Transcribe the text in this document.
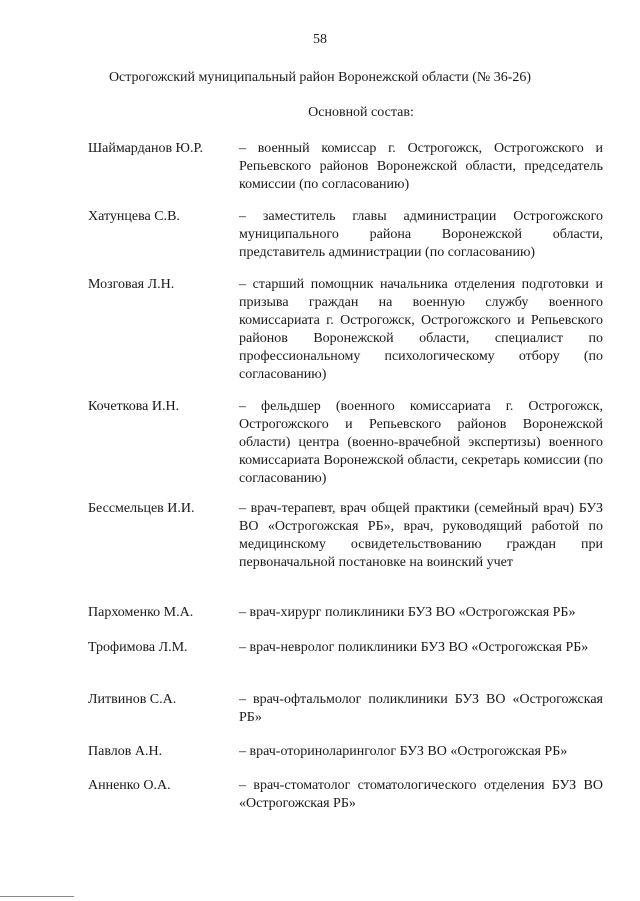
58
Острогожский муниципальный район Воронежской области (№ 36-26)
Основной состав:
Шаймарданов Ю.Р.	– военный комиссар г. Острогожск, Острогожского и Репьевского районов Воронежской области, председатель комиссии (по согласованию)
Хатунцева С.В.	– заместитель главы администрации Острогожского муниципального района Воронежской области, представитель администрации (по согласованию)
Мозговая Л.Н.	– старший помощник начальника отделения подготовки и призыва граждан на военную службу военного комиссариата г. Острогожск, Острогожского и Репьевского районов Воронежской области, специалист по профессиональному психологическому отбору (по согласованию)
Кочеткова И.Н.	– фельдшер (военного комиссариата г. Острогожск, Острогожского и Репьевского районов Воронежской области) центра (военно-врачебной экспертизы) военного комиссариата Воронежской области, секретарь комиссии (по согласованию)
Бессмельцев И.И.	– врач-терапевт, врач общей практики (семейный врач) БУЗ ВО «Острогожская РБ», врач, руководящий работой по медицинскому освидетельствованию граждан при первоначальной постановке на воинский учет
Пархоменко М.А.	– врач-хирург поликлиники БУЗ ВО «Острогожская РБ»
Трофимова Л.М.	– врач-невролог поликлиники БУЗ ВО «Острогожская РБ»
Литвинов С.А.	– врач-офтальмолог поликлиники БУЗ ВО «Острогожская РБ»
Павлов А.Н.	– врач-оториноларинголог БУЗ ВО «Острогожская РБ»
Анненко О.А.	– врач-стоматолог стоматологического отделения БУЗ ВО «Острогожская РБ»
